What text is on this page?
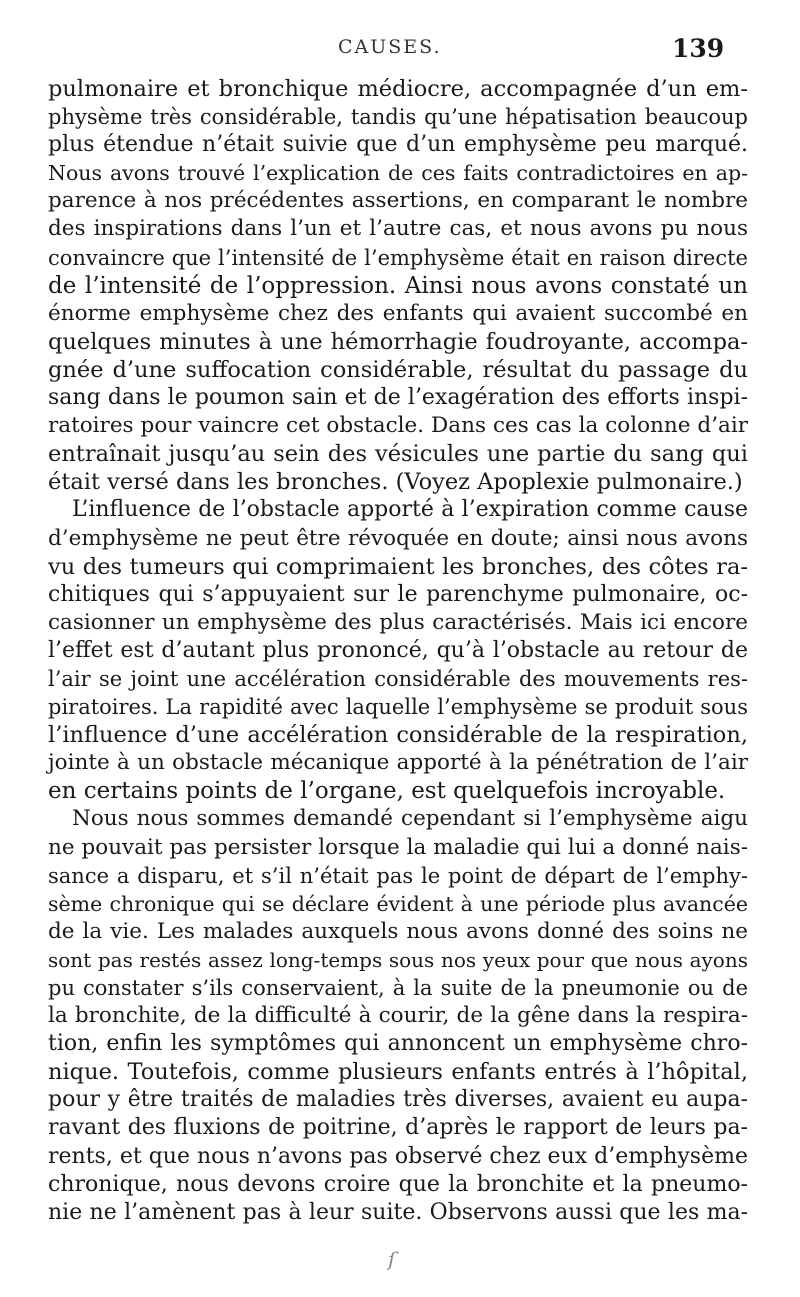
CAUSES.	139
pulmonaire et bronchique médiocre, accompagnée d’un em-
physème très considérable, tandis qu’une hépatisation beaucoup
plus étendue n’était suivie que d’un emphysème peu marqué.
Nous avons trouvé l’explication de ces faits contradictoires en ap-
parence à nos précédentes assertions, en comparant le nombre
des inspirations dans l’un et l’autre cas, et nous avons pu nous
convaincre que l’intensité de l’emphysème était en raison directe
de l’intensité de l’oppression. Ainsi nous avons constaté un
énorme emphysème chez des enfants qui avaient succombé en
quelques minutes à une hémorrhagie foudroyante, accompa-
gnée d’une suffocation considérable, résultat du passage du
sang dans le poumon sain et de l’exagération des efforts inspi-
ratoires pour vaincre cet obstacle. Dans ces cas la colonne d’air
entraînait jusqu’au sein des vésicules une partie du sang qui
était versé dans les bronches. (Voyez Apoplexie pulmonaire.)
L’influence de l’obstacle apporté à l’expiration comme cause
d’emphysème ne peut être révoquée en doute; ainsi nous avons
vu des tumeurs qui comprimaient les bronches, des côtes ra-
chitiques qui s’appuyaient sur le parenchyme pulmonaire, oc-
casionner un emphysème des plus caractérisés. Mais ici encore
l’effet est d’autant plus prononcé, qu’à l’obstacle au retour de
l’air se joint une accélération considérable des mouvements res-
piratoires. La rapidité avec laquelle l’emphysème se produit sous
l’influence d’une accélération considérable de la respiration,
jointe à un obstacle mécanique apporté à la pénétration de l’air
en certains points de l’organe, est quelquefois incroyable.
Nous nous sommes demandé cependant si l’emphysème aigu
ne pouvait pas persister lorsque la maladie qui lui a donné nais-
sance a disparu, et s’il n’était pas le point de départ de l’emphy-
sème chronique qui se déclare évident à une période plus avancée
de la vie. Les malades auxquels nous avons donné des soins ne
sont pas restés assez long-temps sous nos yeux pour que nous ayons
pu constater s’ils conservaient, à la suite de la pneumonie ou de
la bronchite, de la difficulté à courir, de la gêne dans la respira-
tion, enfin les symptômes qui annoncent un emphysème chro-
nique. Toutefois, comme plusieurs enfants entrés à l’hôpital,
pour y être traités de maladies très diverses, avaient eu aupa-
ravant des fluxions de poitrine, d’après le rapport de leurs pa-
rents, et que nous n’avons pas observé chez eux d’emphysème
chronique, nous devons croire que la bronchite et la pneumo-
nie ne l’amènent pas à leur suite. Observons aussi que les ma-
ſ
